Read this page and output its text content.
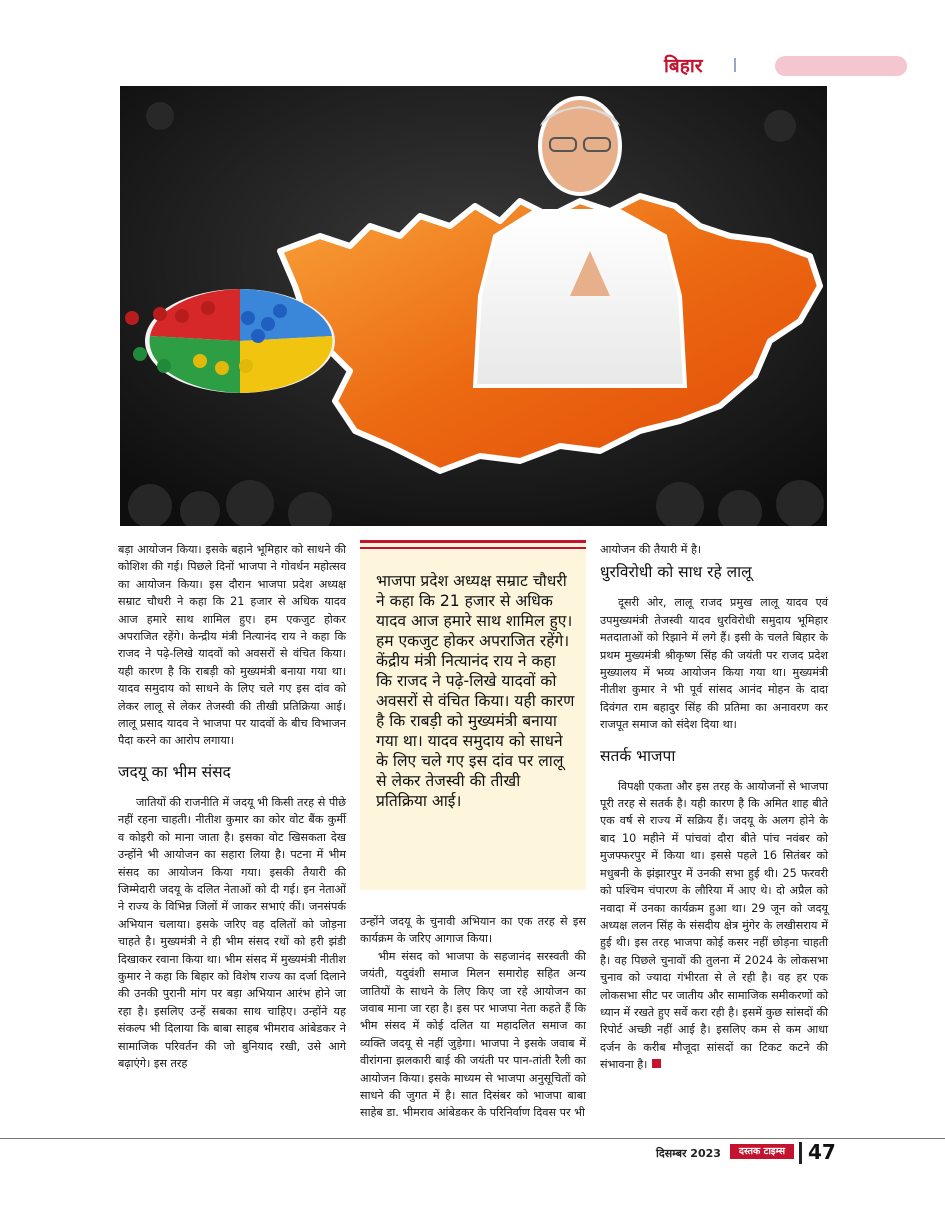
बिहार

बड़ा आयोजन किया। इसके बहाने भूमिहार को साधने की कोशिश की गई। पिछले दिनों भाजपा ने गोवर्धन महोत्सव का आयोजन किया। इस दौरान भाजपा प्रदेश अध्यक्ष सम्राट चौधरी ने कहा कि 21 हजार से अधिक यादव आज हमारे साथ शामिल हुए। हम एकजुट होकर अपराजित रहेंगे। केन्द्रीय मंत्री नित्यानंद राय ने कहा कि राजद ने पढ़े-लिखे यादवों को अवसरों से वंचित किया। यही कारण है कि राबड़ी को मुख्यमंत्री बनाया गया था। यादव समुदाय को साधने के लिए चले गए इस दांव को लेकर लालू से लेकर तेजस्वी की तीखी प्रतिक्रिया आई। लालू प्रसाद यादव ने भाजपा पर यादवों के बीच विभाजन पैदा करने का आरोप लगाया।

जदयू का भीम संसद

जातियों की राजनीति में जदयू भी किसी तरह से पीछे नहीं रहना चाहती। नीतीश कुमार का कोर वोट बैंक कुर्मी व कोइरी को माना जाता है। इसका वोट खिसकता देख उन्होंने भी आयोजन का सहारा लिया है। पटना में भीम संसद का आयोजन किया गया। इसकी तैयारी की जिम्मेदारी जदयू के दलित नेताओं को दी गई। इन नेताओं ने राज्य के विभिन्न जिलों में जाकर सभाएं कीं। जनसंपर्क अभियान चलाया। इसके जरिए वह दलितों को जोड़ना चाहते है। मुख्यमंत्री ने ही भीम संसद रथों को हरी झंडी दिखाकर रवाना किया था। भीम संसद में मुख्यमंत्री नीतीश कुमार ने कहा कि बिहार को विशेष राज्य का दर्जा दिलाने की उनकी पुरानी मांग पर बड़ा अभियान आरंभ होने जा रहा है। इसलिए उन्हें सबका साथ चाहिए। उन्होंने यह संकल्प भी दिलाया कि बाबा साहब भीमराव आंबेडकर ने सामाजिक परिवर्तन की जो बुनियाद रखी, उसे आगे बढ़ाएंगे। इस तरह

भाजपा प्रदेश अध्यक्ष सम्राट चौधरी ने कहा कि 21 हजार से अधिक यादव आज हमारे साथ शामिल हुए। हम एकजुट होकर अपराजित रहेंगे। केंद्रीय मंत्री नित्यानंद राय ने कहा कि राजद ने पढ़े-लिखे यादवों को अवसरों से वंचित किया। यही कारण है कि राबड़ी को मुख्यमंत्री बनाया गया था। यादव समुदाय को साधने के लिए चले गए इस दांव पर लालू से लेकर तेजस्वी की तीखी प्रतिक्रिया आई।

उन्होंने जदयू के चुनावी अभियान का एक तरह से इस कार्यक्रम के जरिए आगाज किया।

भीम संसद को भाजपा के सहजानंद सरस्वती की जयंती, यदुवंशी समाज मिलन समारोह सहित अन्य जातियों के साधने के लिए किए जा रहे आयोजन का जवाब माना जा रहा है। इस पर भाजपा नेता कहते हैं कि भीम संसद में कोई दलित या महादलित समाज का व्यक्ति जदयू से नहीं जुड़ेगा। भाजपा ने इसके जवाब में वीरांगना झलकारी बाई की जयंती पर पान-तांती रैली का आयोजन किया। इसके माध्यम से भाजपा अनुसूचितों को साधने की जुगत में है। सात दिसंबर को भाजपा बाबा साहेब डा. भीमराव आंबेडकर के परिनिर्वाण दिवस पर भी

आयोजन की तैयारी में है।

धुरविरोधी को साध रहे लालू

दूसरी ओर, लालू राजद प्रमुख लालू यादव एवं उपमुख्यमंत्री तेजस्वी यादव धुरविरोधी समुदाय भूमिहार मतदाताओं को रिझाने में लगे हैं। इसी के चलते बिहार के प्रथम मुख्यमंत्री श्रीकृष्ण सिंह की जयंती पर राजद प्रदेश मुख्यालय में भव्य आयोजन किया गया था। मुख्यमंत्री नीतीश कुमार ने भी पूर्व सांसद आनंद मोहन के दादा दिवंगत राम बहादुर सिंह की प्रतिमा का अनावरण कर राजपूत समाज को संदेश दिया था।

सतर्क भाजपा

विपक्षी एकता और इस तरह के आयोजनों से भाजपा पूरी तरह से सतर्क है। यही कारण है कि अमित शाह बीते एक वर्ष से राज्य में सक्रिय हैं। जदयू के अलग होने के बाद 10 महीने में पांचवां दौरा बीते पांच नवंबर को मुजफ्फरपुर में किया था। इससे पहले 16 सितंबर को मधुबनी के झंझारपुर में उनकी सभा हुई थी। 25 फरवरी को पश्चिम चंपारण के लौरिया में आए थे। दो अप्रैल को नवादा में उनका कार्यक्रम हुआ था। 29 जून को जदयू अध्यक्ष ललन सिंह के संसदीय क्षेत्र मुंगेर के लखीसराय में हुई थी। इस तरह भाजपा कोई कसर नहीं छोड़ना चाहती है। वह पिछले चुनावों की तुलना में 2024 के लोकसभा चुनाव को ज्यादा गंभीरता से ले रही है। वह हर एक लोकसभा सीट पर जातीय और सामाजिक समीकरणों को ध्यान में रखते हुए सर्वे करा रही है। इसमें कुछ सांसदों की रिपोर्ट अच्छी नहीं आई है। इसलिए कम से कम आधा दर्जन के करीब मौजूदा सांसदों का टिकट कटने की संभावना है।

दिसम्बर 2023	दस्तक टाइम्स	47
